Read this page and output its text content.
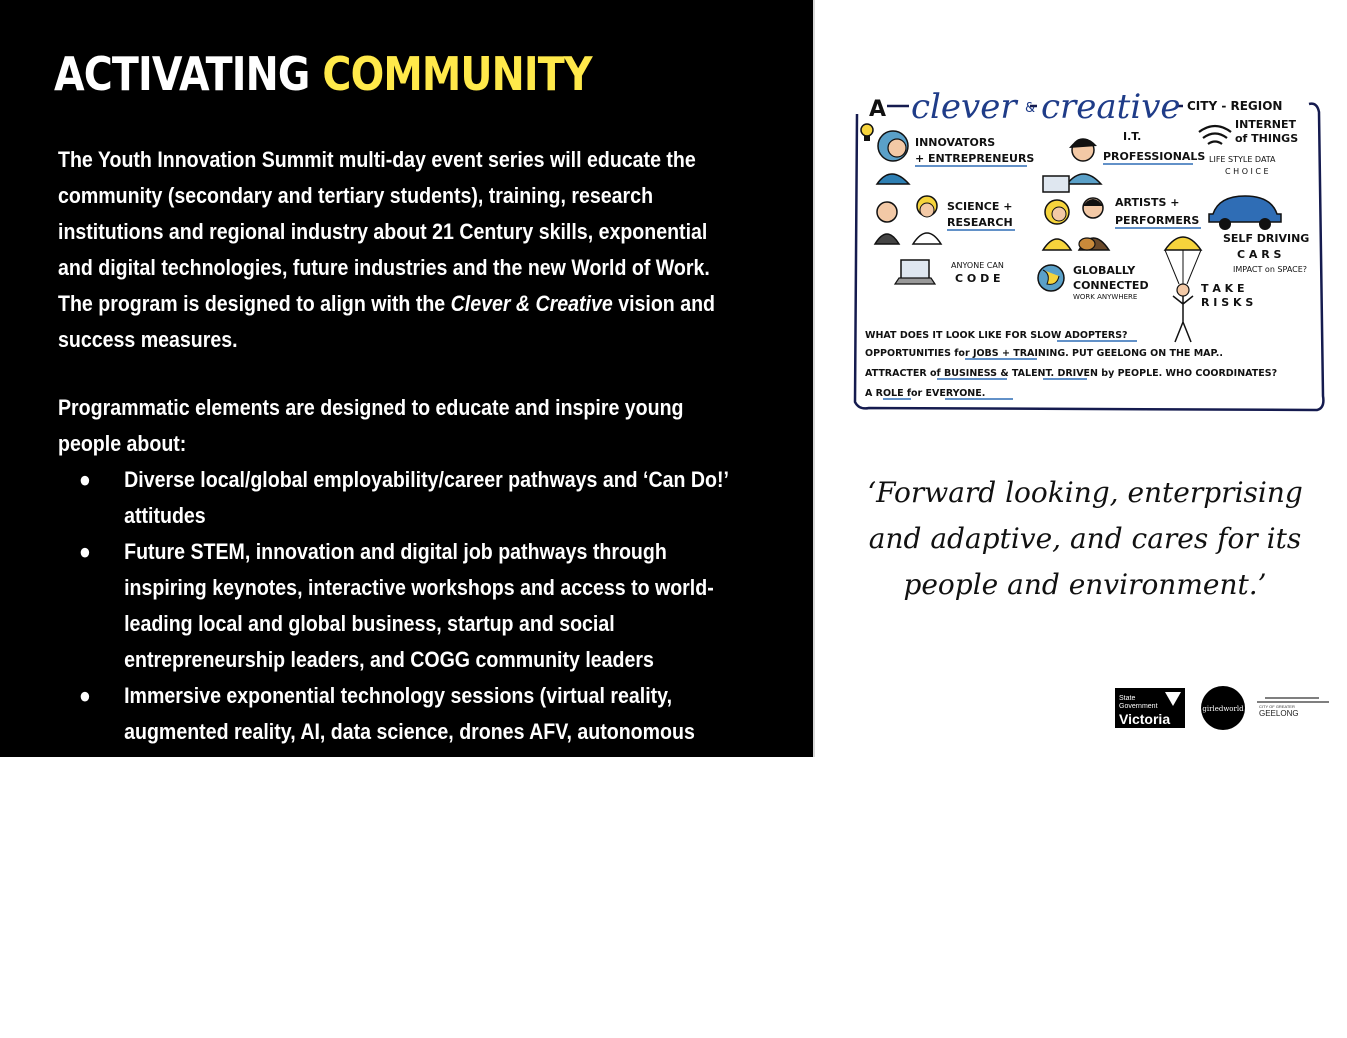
ACTIVATING COMMUNITY

The Youth Innovation Summit multi-day event series will educate the community (secondary and tertiary students), training, research institutions and regional industry about 21 Century skills, exponential and digital technologies, future industries and the new World of Work. The program is designed to align with the Clever & Creative vision and success measures.

Programmatic elements are designed to educate and inspire young people about:

● Diverse local/global employability/career pathways and ‘Can Do!’ attitudes
● Future STEM, innovation and digital job pathways through inspiring keynotes, interactive workshops and access to world-leading local and global business, startup and social entrepreneurship leaders, and COGG community leaders
● Immersive exponential technology sessions (virtual reality, augmented reality, AI, data science, drones AFV, autonomous vehicle transit systems)
● Applications of innovation methodologies to solve complex problems
● Startup business models, entrepreneurship and new economy jobs
● The community they live in and play a vital role in contributing to through interaction with a diverse cross-section of city-region stakeholders
A clever & creative CITY - REGION
INTERNET
of THINGS
LIFE STYLE DATA
C H O I C E
INNOVATORS
+ ENTREPRENEURS
I.T.
PROFESSIONALS
SCIENCE +
RESEARCH
ARTISTS +
PERFORMERS
SELF DRIVING
C A R S
IMPACT on SPACE?
ANYONE CAN
C O D E
GLOBALLY
CONNECTED
WORK ANYWHERE
T A K E
R I S K S
WHAT DOES IT LOOK LIKE FOR SLOW ADOPTERS?
OPPORTUNITIES for JOBS + TRAINING. PUT GEELONG ON THE MAP..
ATTRACTER of BUSINESS & TALENT. DRIVEN by PEOPLE. WHO COORDINATES?
A ROLE for EVERYONE.
‘Forward looking, enterprising
and adaptive, and cares for its
people and environment.’
State
Government
Victoria
girledworld	CITY OF GREATER
GEELONG
